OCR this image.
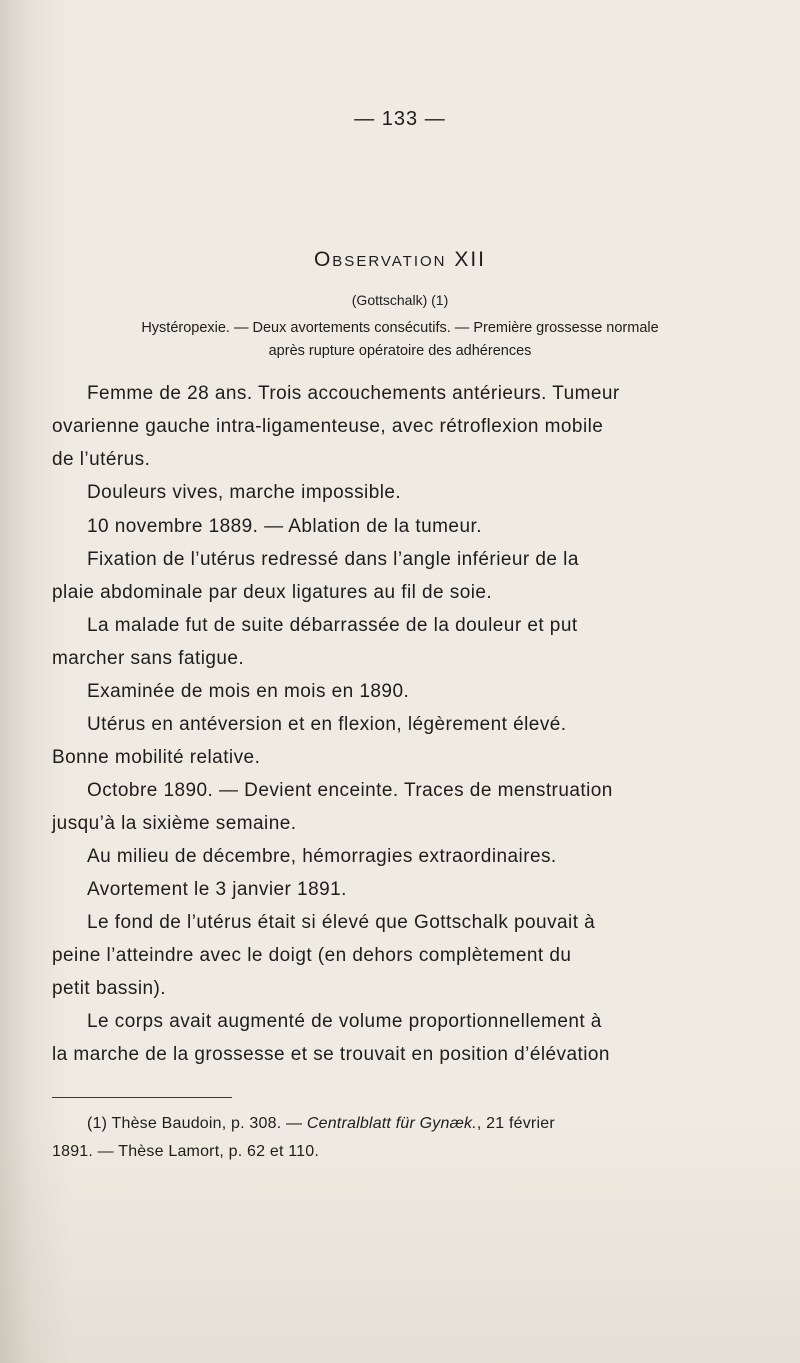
— 133 —
Observation XII
(Gottschalk) (1)
Hystéropexie. — Deux avortements consécutifs. — Première grossesse normale
après rupture opératoire des adhérences
Femme de 28 ans. Trois accouchements antérieurs. Tumeur
ovarienne gauche intra-ligamenteuse, avec rétroflexion mobile
de l’utérus.
Douleurs vives, marche impossible.
10 novembre 1889. — Ablation de la tumeur.
Fixation de l’utérus redressé dans l’angle inférieur de la
plaie abdominale par deux ligatures au fil de soie.
La malade fut de suite débarrassée de la douleur et put
marcher sans fatigue.
Examinée de mois en mois en 1890.
Utérus en antéversion et en flexion, légèrement élevé.
Bonne mobilité relative.
Octobre 1890. — Devient enceinte. Traces de menstruation
jusqu’à la sixième semaine.
Au milieu de décembre, hémorragies extraordinaires.
Avortement le 3 janvier 1891.
Le fond de l’utérus était si élevé que Gottschalk pouvait à
peine l’atteindre avec le doigt (en dehors complètement du
petit bassin).
Le corps avait augmenté de volume proportionnellement à
la marche de la grossesse et se trouvait en position d’élévation
(1) Thèse Baudoin, p. 308. — Centralblatt für Gynæk., 21 février
1891. — Thèse Lamort, p. 62 et 110.
